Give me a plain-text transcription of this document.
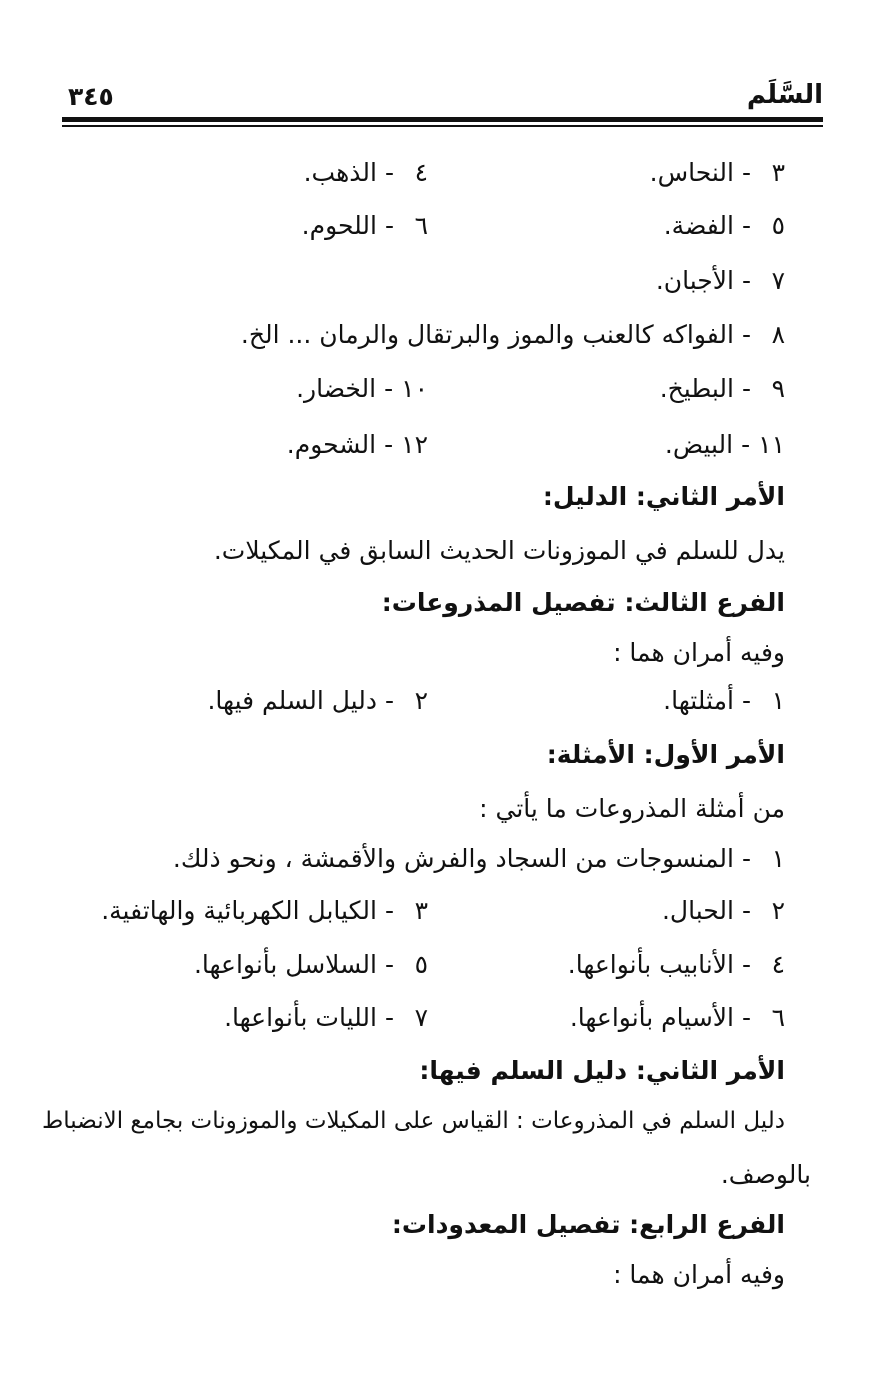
السَّلَم
٣٤٥
٣-النحاس.
٤-الذهب.
٥-الفضة.
٦-اللحوم.
٧-الأجبان.
٨-الفواكه كالعنب والموز والبرتقال والرمان ... الخ.
٩-البطيخ.
١٠-الخضار.
١١-البيض.
١٢-الشحوم.
الأمر الثاني: الدليل:
يدل للسلم في الموزونات الحديث السابق في المكيلات.
الفرع الثالث: تفصيل المذروعات:
وفيه أمران هما :
١-أمثلتها.
٢-دليل السلم فيها.
الأمر الأول: الأمثلة:
من أمثلة المذروعات ما يأتي :
١-المنسوجات من السجاد والفرش والأقمشة ، ونحو ذلك.
٢-الحبال.
٣-الكيابل الكهربائية والهاتفية.
٤-الأنابيب بأنواعها.
٥-السلاسل بأنواعها.
٦-الأسيام بأنواعها.
٧-الليات بأنواعها.
الأمر الثاني: دليل السلم فيها:
دليل السلم في المذروعات : القياس على المكيلات والموزونات بجامع الانضباط
بالوصف.
الفرع الرابع: تفصيل المعدودات:
وفيه أمران هما :
